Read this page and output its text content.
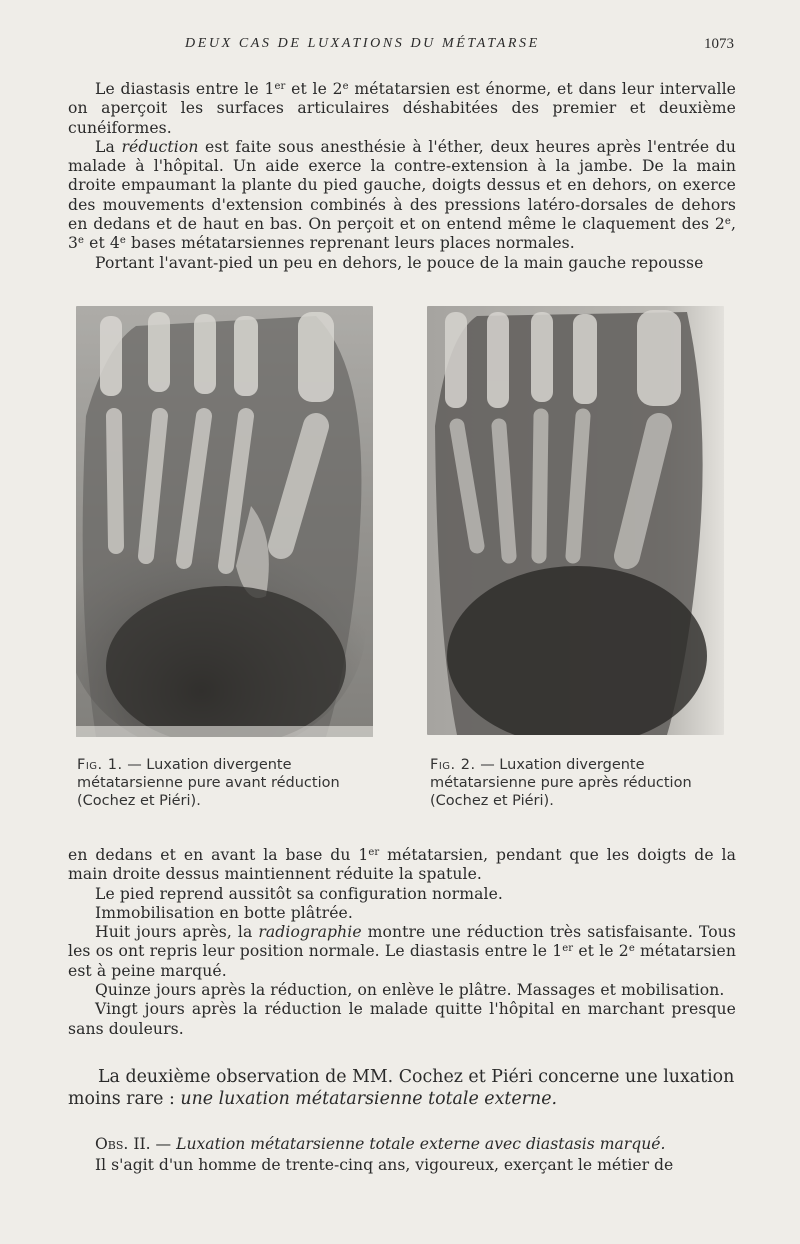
DEUX CAS DE LUXATIONS DU MÉTATARSE	1073

Le diastasis entre le 1er et le 2e métatarsien est énorme, et dans leur intervalle on aperçoit les surfaces articulaires déshabitées des premier et deuxième cunéiformes.

La réduction est faite sous anesthésie à l'éther, deux heures après l'entrée du malade à l'hôpital. Un aide exerce la contre-extension à la jambe. De la main droite empaumant la plante du pied gauche, doigts dessus et en dehors, on exerce des mouvements d'extension combinés à des pressions latéro-dorsales de dehors en dedans et de haut en bas. On perçoit et on entend même le claquement des 2e, 3e et 4e bases métatarsiennes reprenant leurs places normales.

Portant l'avant-pied un peu en dehors, le pouce de la main gauche repousse

Fig. 1. — Luxation divergente métatarsienne pure avant réduction (Cochez et Piéri).
Fig. 2. — Luxation divergente métatarsienne pure après réduction (Cochez et Piéri).

en dedans et en avant la base du 1er métatarsien, pendant que les doigts de la main droite dessus maintiennent réduite la spatule.

Le pied reprend aussitôt sa configuration normale.

Immobilisation en botte plâtrée.

Huit jours après, la radiographie montre une réduction très satisfaisante. Tous les os ont repris leur position normale. Le diastasis entre le 1er et le 2e métatarsien est à peine marqué.

Quinze jours après la réduction, on enlève le plâtre. Massages et mobilisation.

Vingt jours après la réduction le malade quitte l'hôpital en marchant presque sans douleurs.

La deuxième observation de MM. Cochez et Piéri concerne une luxation moins rare : une luxation métatarsienne totale externe.

Obs. II. — Luxation métatarsienne totale externe avec diastasis marqué.

Il s'agit d'un homme de trente-cinq ans, vigoureux, exerçant le métier de
